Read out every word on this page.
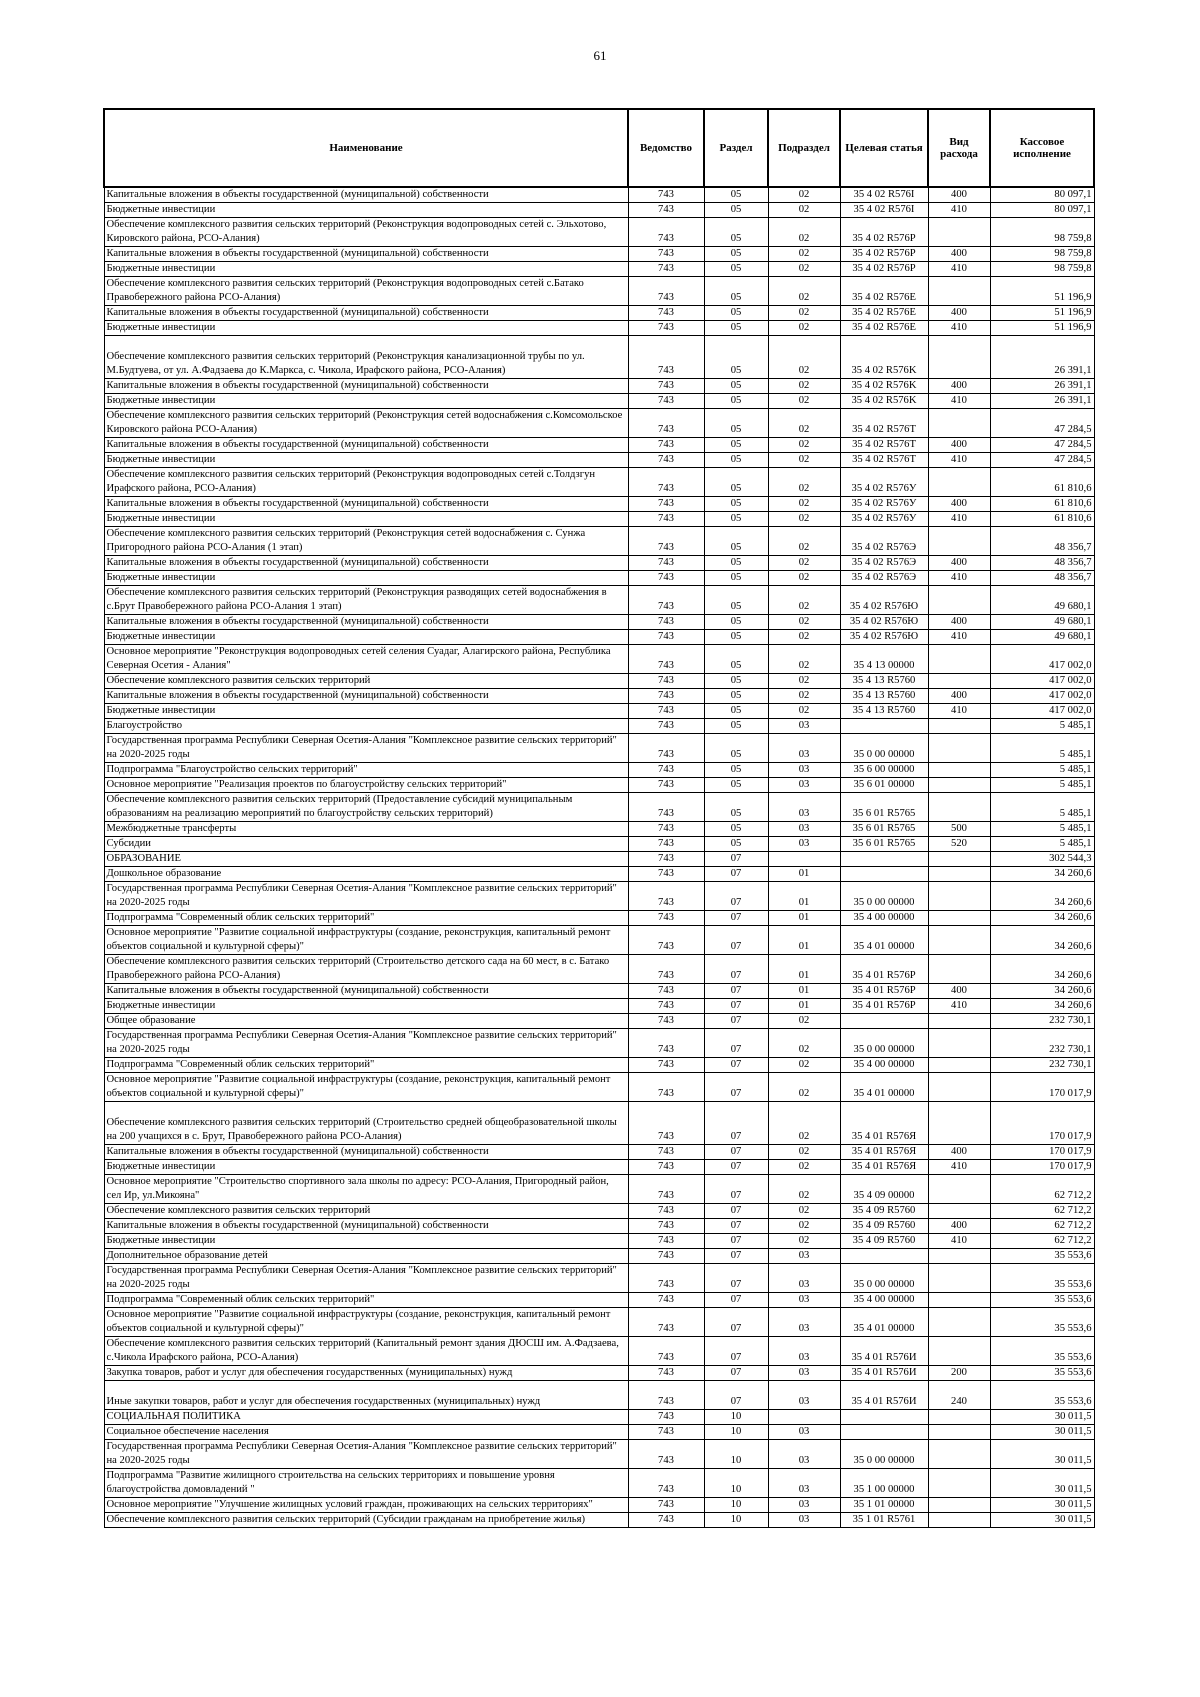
61
Наименование	Ведомство	Раздел	Подраздел	Целевая статья	Вид расхода	Кассовое исполнение
Капитальные вложения в объекты государственной (муниципальной) собственности	743	05	02	35 4 02 R576I	400	80 097,1
Бюджетные инвестиции	743	05	02	35 4 02 R576I	410	80 097,1
Обеспечение комплексного развития сельских территорий (Реконструкция водопроводных сетей с. Эльхотово, Кировского района, РСО-Алания)	743	05	02	35 4 02 R576P		98 759,8
Капитальные вложения в объекты государственной (муниципальной) собственности	743	05	02	35 4 02 R576P	400	98 759,8
Бюджетные инвестиции	743	05	02	35 4 02 R576P	410	98 759,8
Обеспечение комплексного развития сельских территорий (Реконструкция водопроводных сетей с.Батако Правобережного района РСО-Алания)	743	05	02	35 4 02 R576E		51 196,9
Капитальные вложения в объекты государственной (муниципальной) собственности	743	05	02	35 4 02 R576E	400	51 196,9
Бюджетные инвестиции	743	05	02	35 4 02 R576E	410	51 196,9
Обеспечение комплексного развития сельских территорий (Реконструкция канализационной трубы по ул. М.Будтуева, от ул. А.Фадзаева до К.Маркса, с. Чикола, Ирафского района, РСО-Алания)	743	05	02	35 4 02 R576K		26 391,1
Капитальные вложения в объекты государственной (муниципальной) собственности	743	05	02	35 4 02 R576K	400	26 391,1
Бюджетные инвестиции	743	05	02	35 4 02 R576K	410	26 391,1
Обеспечение комплексного развития сельских территорий (Реконструкция сетей водоснабжения с.Комсомольское Кировского района РСО-Алания)	743	05	02	35 4 02 R576T		47 284,5
Капитальные вложения в объекты государственной (муниципальной) собственности	743	05	02	35 4 02 R576T	400	47 284,5
Бюджетные инвестиции	743	05	02	35 4 02 R576T	410	47 284,5
Обеспечение комплексного развития сельских территорий (Реконструкция водопроводных сетей с.Толдзгун Ирафского района, РСО-Алания)	743	05	02	35 4 02 R576У		61 810,6
Капитальные вложения в объекты государственной (муниципальной) собственности	743	05	02	35 4 02 R576У	400	61 810,6
Бюджетные инвестиции	743	05	02	35 4 02 R576У	410	61 810,6
Обеспечение комплексного развития сельских территорий (Реконструкция сетей водоснабжения с. Сунжа Пригородного района РСО-Алания (1 этап)	743	05	02	35 4 02 R576Э		48 356,7
Капитальные вложения в объекты государственной (муниципальной) собственности	743	05	02	35 4 02 R576Э	400	48 356,7
Бюджетные инвестиции	743	05	02	35 4 02 R576Э	410	48 356,7
Обеспечение комплексного развития сельских территорий (Реконструкция разводящих сетей водоснабжения в с.Брут Правобережного района РСО-Алания 1 этап)	743	05	02	35 4 02 R576Ю		49 680,1
Капитальные вложения в объекты государственной (муниципальной) собственности	743	05	02	35 4 02 R576Ю	400	49 680,1
Бюджетные инвестиции	743	05	02	35 4 02 R576Ю	410	49 680,1
Основное мероприятие "Реконструкция водопроводных сетей селения Суадаг, Алагирского района, Республика Северная Осетия - Алания"	743	05	02	35 4 13 00000		417 002,0
Обеспечение комплексного развития сельских территорий	743	05	02	35 4 13 R5760		417 002,0
Капитальные вложения в объекты государственной (муниципальной) собственности	743	05	02	35 4 13 R5760	400	417 002,0
Бюджетные инвестиции	743	05	02	35 4 13 R5760	410	417 002,0
Благоустройство	743	05	03			5 485,1
Государственная программа Республики Северная Осетия-Алания "Комплексное развитие сельских территорий" на 2020-2025 годы	743	05	03	35 0 00 00000		5 485,1
Подпрограмма "Благоустройство сельских территорий"	743	05	03	35 6 00 00000		5 485,1
Основное мероприятие "Реализация проектов по благоустройству сельских территорий"	743	05	03	35 6 01 00000		5 485,1
Обеспечение комплексного развития сельских территорий (Предоставление субсидий муниципальным образованиям на реализацию мероприятий по благоустройству сельских территорий)	743	05	03	35 6 01 R5765		5 485,1
Межбюджетные трансферты	743	05	03	35 6 01 R5765	500	5 485,1
Субсидии	743	05	03	35 6 01 R5765	520	5 485,1
ОБРАЗОВАНИЕ	743	07				302 544,3
Дошкольное образование	743	07	01			34 260,6
Государственная программа Республики Северная Осетия-Алания "Комплексное развитие сельских территорий" на 2020-2025 годы	743	07	01	35 0 00 00000		34 260,6
Подпрограмма "Современный облик сельских территорий"	743	07	01	35 4 00 00000		34 260,6
Основное мероприятие "Развитие социальной инфраструктуры (создание, реконструкция, капитальный ремонт объектов социальной и культурной сферы)"	743	07	01	35 4 01 00000		34 260,6
Обеспечение комплексного развития сельских территорий (Строительство детского сада на 60 мест, в с. Батако Правобережного района РСО-Алания)	743	07	01	35 4 01 R576P		34 260,6
Капитальные вложения в объекты государственной (муниципальной) собственности	743	07	01	35 4 01 R576P	400	34 260,6
Бюджетные инвестиции	743	07	01	35 4 01 R576P	410	34 260,6
Общее образование	743	07	02			232 730,1
Государственная программа Республики Северная Осетия-Алания "Комплексное развитие сельских территорий" на 2020-2025 годы	743	07	02	35 0 00 00000		232 730,1
Подпрограмма "Современный облик сельских территорий"	743	07	02	35 4 00 00000		232 730,1
Основное мероприятие "Развитие социальной инфраструктуры (создание, реконструкция, капитальный ремонт объектов социальной и культурной сферы)"	743	07	02	35 4 01 00000		170 017,9
Обеспечение комплексного развития сельских территорий (Строительство средней общеобразовательной школы на 200 учащихся в с. Брут, Правобережного района РСО-Алания)	743	07	02	35 4 01 R576Я		170 017,9
Капитальные вложения в объекты государственной (муниципальной) собственности	743	07	02	35 4 01 R576Я	400	170 017,9
Бюджетные инвестиции	743	07	02	35 4 01 R576Я	410	170 017,9
Основное мероприятие "Строительство спортивного зала школы по адресу: РСО-Алания, Пригородный район, сел Ир, ул.Микояна"	743	07	02	35 4 09 00000		62 712,2
Обеспечение комплексного развития сельских территорий	743	07	02	35 4 09 R5760		62 712,2
Капитальные вложения в объекты государственной (муниципальной) собственности	743	07	02	35 4 09 R5760	400	62 712,2
Бюджетные инвестиции	743	07	02	35 4 09 R5760	410	62 712,2
Дополнительное образование детей	743	07	03			35 553,6
Государственная программа Республики Северная Осетия-Алания "Комплексное развитие сельских территорий" на 2020-2025 годы	743	07	03	35 0 00 00000		35 553,6
Подпрограмма "Современный облик сельских территорий"	743	07	03	35 4 00 00000		35 553,6
Основное мероприятие "Развитие социальной инфраструктуры (создание, реконструкция, капитальный ремонт объектов социальной и культурной сферы)"	743	07	03	35 4 01 00000		35 553,6
Обеспечение комплексного развития сельских территорий (Капитальный ремонт здания ДЮСШ им. А.Фадзаева, с.Чикола Ирафского района, РСО-Алания)	743	07	03	35 4 01 R576И		35 553,6
Закупка товаров, работ и услуг для обеспечения государственных (муниципальных) нужд	743	07	03	35 4 01 R576И	200	35 553,6
Иные закупки товаров, работ и услуг для обеспечения государственных (муниципальных) нужд	743	07	03	35 4 01 R576И	240	35 553,6
СОЦИАЛЬНАЯ ПОЛИТИКА	743	10				30 011,5
Социальное обеспечение населения	743	10	03			30 011,5
Государственная программа Республики Северная Осетия-Алания "Комплексное развитие сельских территорий" на 2020-2025 годы	743	10	03	35 0 00 00000		30 011,5
Подпрограмма "Развитие жилищного строительства на сельских территориях и повышение уровня благоустройства домовладений "	743	10	03	35 1 00 00000		30 011,5
Основное мероприятие "Улучшение жилищных условий граждан, проживающих на сельских территориях"	743	10	03	35 1 01 00000		30 011,5
Обеспечение комплексного развития сельских территорий (Субсидии гражданам на приобретение жилья)	743	10	03	35 1 01 R5761		30 011,5
